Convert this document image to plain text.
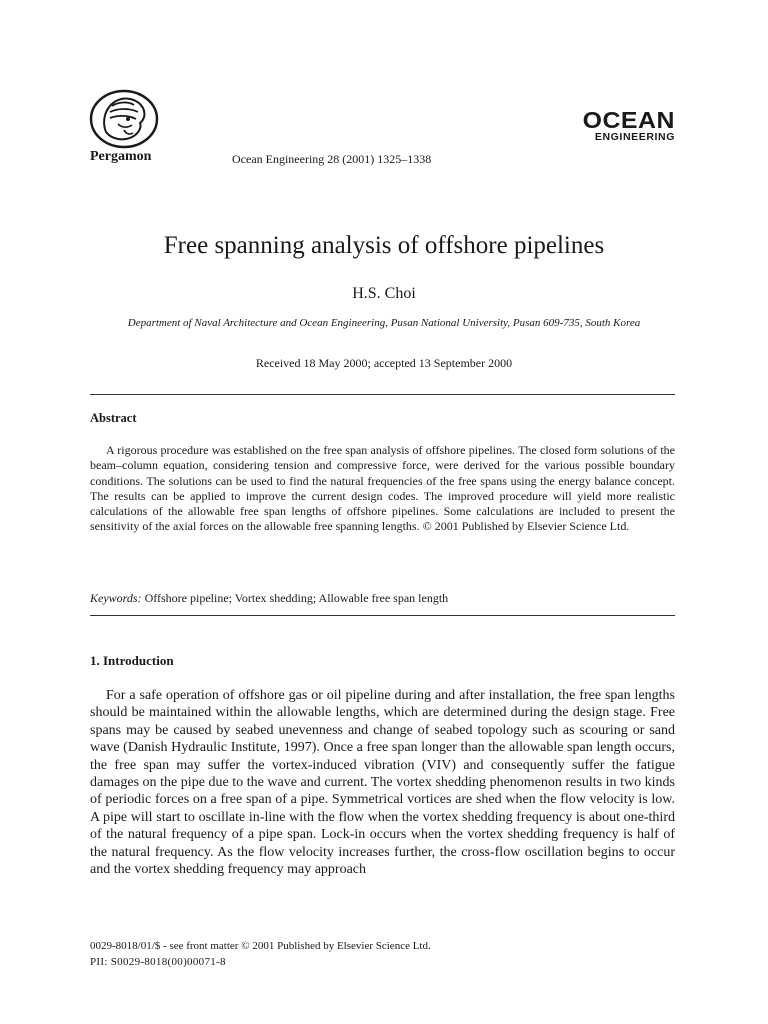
Pergamon	Ocean Engineering 28 (2001) 1325–1338
OCEAN
ENGINEERING
Free spanning analysis of offshore pipelines
H.S. Choi
Department of Naval Architecture and Ocean Engineering, Pusan National University, Pusan 609-735, South Korea
Received 18 May 2000; accepted 13 September 2000
Abstract

A rigorous procedure was established on the free span analysis of offshore pipelines. The closed form solutions of the beam–column equation, considering tension and compressive force, were derived for the various possible boundary conditions. The solutions can be used to find the natural frequencies of the free spans using the energy balance concept. The results can be applied to improve the current design codes. The improved procedure will yield more realistic calculations of the allowable free span lengths of offshore pipelines. Some calculations are included to present the sensitivity of the axial forces on the allowable free spanning lengths. © 2001 Published by Elsevier Science Ltd.

Keywords: Offshore pipeline; Vortex shedding; Allowable free span length
1. Introduction

For a safe operation of offshore gas or oil pipeline during and after installation, the free span lengths should be maintained within the allowable lengths, which are determined during the design stage. Free spans may be caused by seabed unevenness and change of seabed topology such as scouring or sand wave (Danish Hydraulic Institute, 1997). Once a free span longer than the allowable span length occurs, the free span may suffer the vortex-induced vibration (VIV) and consequently suffer the fatigue damages on the pipe due to the wave and current. The vortex shedding phenomenon results in two kinds of periodic forces on a free span of a pipe. Symmetrical vortices are shed when the flow velocity is low. A pipe will start to oscillate in-line with the flow when the vortex shedding frequency is about one-third of the natural frequency of a pipe span. Lock-in occurs when the vortex shedding frequency is half of the natural frequency. As the flow velocity increases further, the cross-flow oscillation begins to occur and the vortex shedding frequency may approach

0029-8018/01/$ - see front matter © 2001 Published by Elsevier Science Ltd.
PII: S0029-8018(00)00071-8
